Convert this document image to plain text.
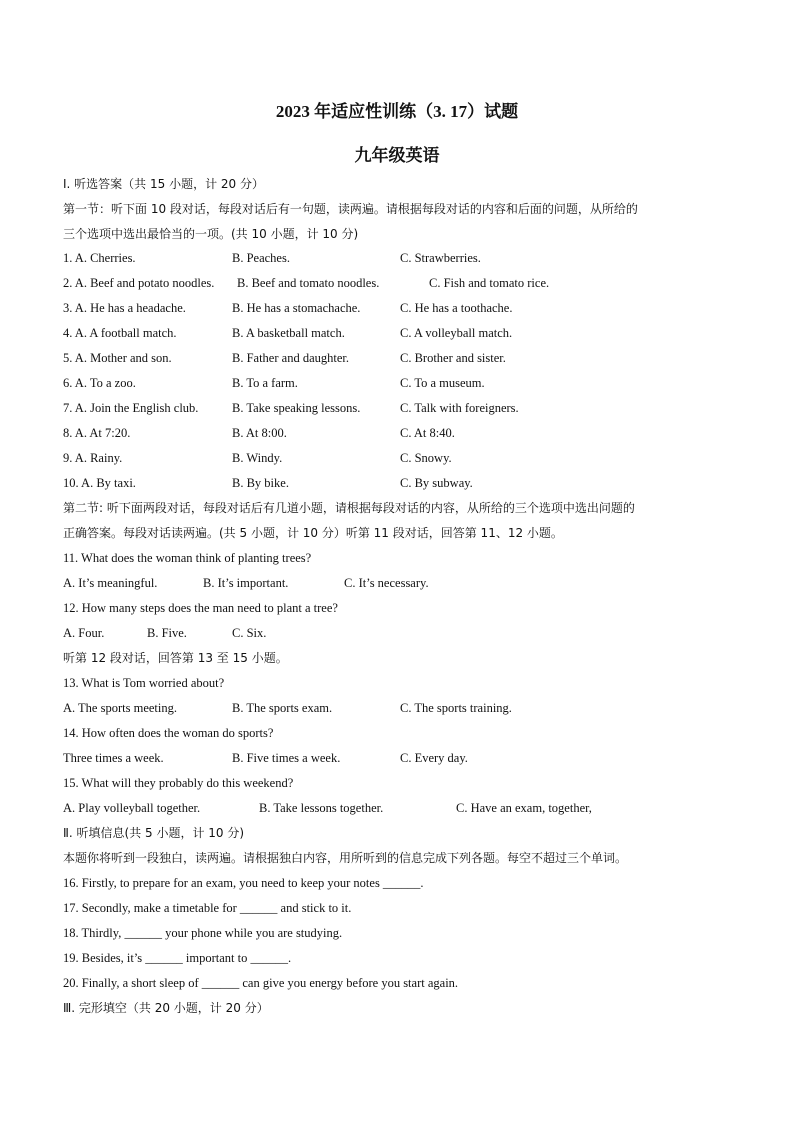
2023 年适应性训练（3. 17）试题
九年级英语
Ⅰ. 听选答案（共 15 小题，计 20 分）
第一节：听下面 10 段对话，每段对话后有一句题，读两遍。请根据每段对话的内容和后面的问题，从所给的
三个选项中选出最恰当的一项。(共 10 小题，计 10 分)
1. A. Cherries.	B. Peaches.	C. Strawberries.
2. A. Beef and potato noodles. B. Beef and tomato noodles.	C. Fish and tomato rice.
3. A. He has a headache.	B. He has a stomachache.	C. He has a toothache.
4. A. A football match.	B. A basketball match.	C. A volleyball match.
5. A. Mother and son.	B. Father and daughter.	C. Brother and sister.
6. A. To a zoo.	B. To a farm.	C. To a museum.
7. A. Join the English club.	B. Take speaking lessons.	C. Talk with foreigners.
8. A. At 7:20.	B. At 8:00.	C. At 8:40.
9. A. Rainy.	B. Windy.	C. Snowy.
10. A. By taxi.	B. By bike.	C. By subway.
第二节: 听下面两段对话，每段对话后有几道小题，请根据每段对话的内容，从所给的三个选项中选出问题的
正确答案。每段对话读两遍。(共 5 小题，计 10 分）听第 11 段对话，回答第 11、12 小题。
11. What does the woman think of planting trees?
A. It’s meaningful.	B. It’s important.	C. It’s necessary.
12. How many steps does the man need to plant a tree?
A. Four.	B. Five.	C. Six.
听第 12 段对话，回答第 13 至 15 小题。
13. What is Tom worried about?
A. The sports meeting.	B. The sports exam.	C. The sports training.
14. How often does the woman do sports?
Three times a week.	B. Five times a week.	C. Every day.
15. What will they probably do this weekend?
A. Play volleyball together.	B. Take lessons together.	C. Have an exam, together,
Ⅱ. 听填信息(共 5 小题，计 10 分)
本题你将听到一段独白，读两遍。请根据独白内容，用所听到的信息完成下列各题。每空不超过三个单词。
16. Firstly, to prepare for an exam, you need to keep your notes ______.
17. Secondly, make a timetable for ______ and stick to it.
18. Thirdly, ______ your phone while you are studying.
19. Besides, it’s ______ important to ______.
20. Finally, a short sleep of ______ can give you energy before you start again.
Ⅲ. 完形填空（共 20 小题，计 20 分）
